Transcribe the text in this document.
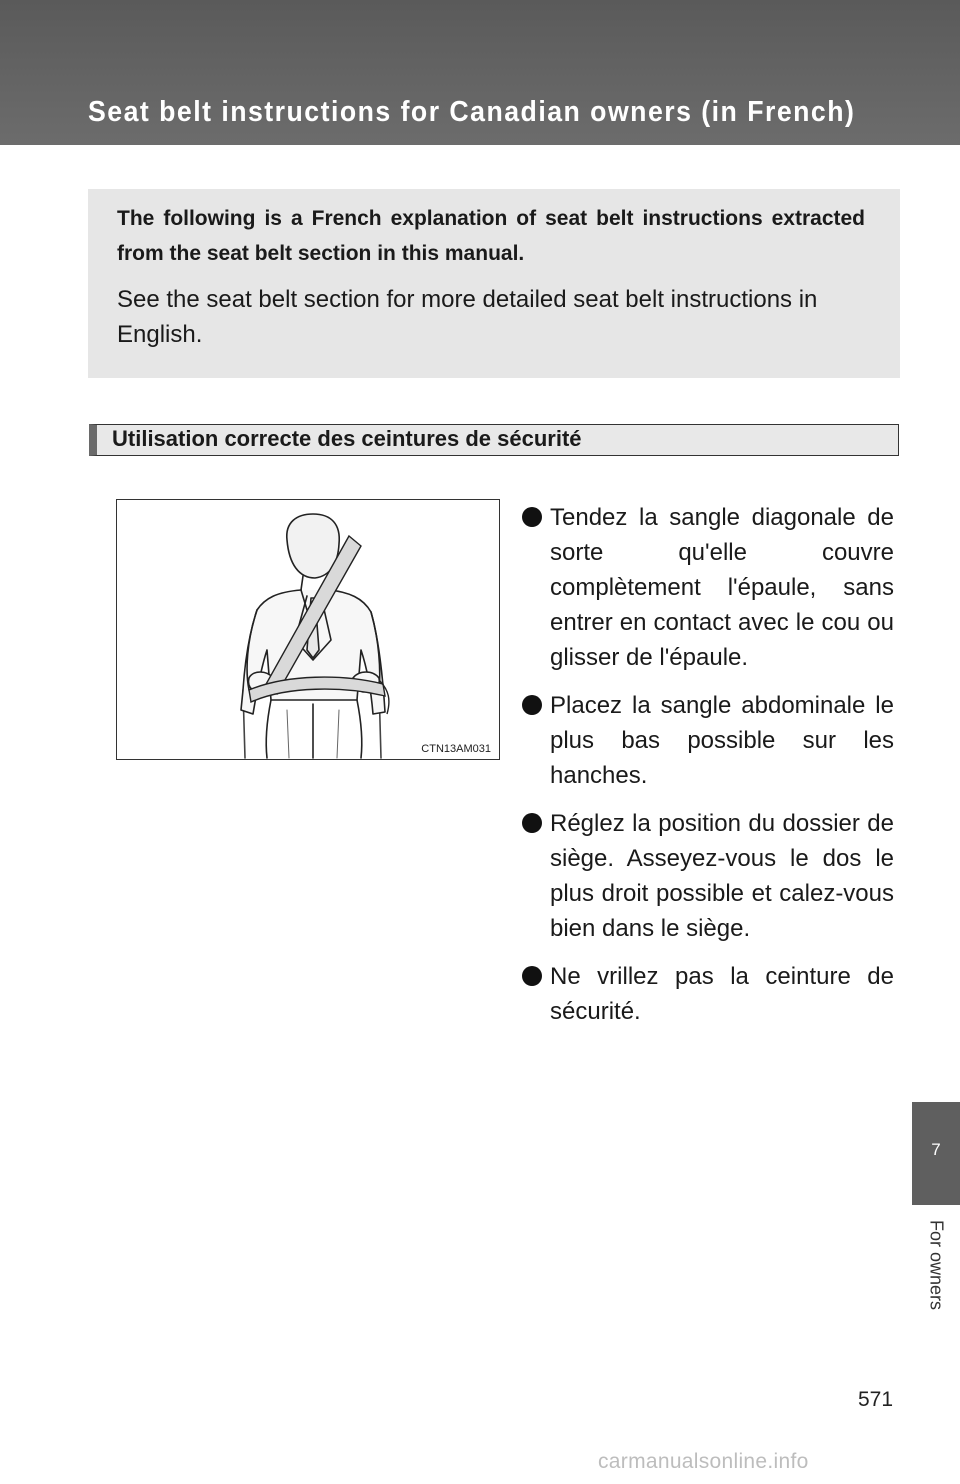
Seat belt instructions for Canadian owners (in French)
The following is a French explanation of seat belt instructions extracted from the seat belt section in this manual.
See the seat belt section for more detailed seat belt instructions in English.
Utilisation correcte des ceintures de sécurité
CTN13AM031
Tendez la sangle diagonale de sorte qu'elle couvre complètement l'épaule, sans entrer en contact avec le cou ou glisser de l'épaule.
Placez la sangle abdominale le plus bas possible sur les hanches.
Réglez la position du dossier de siège. Asseyez-vous le dos le plus droit possible et calez-vous bien dans le siège.
Ne vrillez pas la ceinture de sécurité.
7
For owners
571
carmanualsonline.info
